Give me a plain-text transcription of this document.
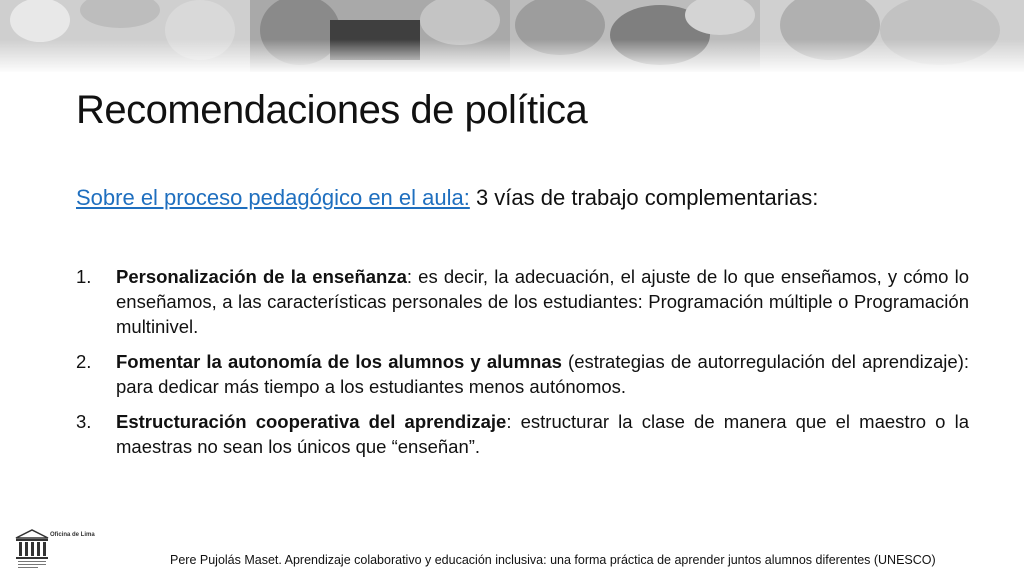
Recomendaciones de política
Sobre el proceso pedagógico en el aula: 3 vías de trabajo complementarias:
1. Personalización de la enseñanza: es decir, la adecuación, el ajuste de lo que enseñamos, y cómo lo enseñamos, a las características personales de los estudiantes: Programación múltiple o Programación multinivel.
2. Fomentar la autonomía de los alumnos y alumnas (estrategias de autorregulación del aprendizaje): para dedicar más tiempo a los estudiantes menos autónomos.
3. Estructuración cooperativa del aprendizaje: estructurar la clase de manera que el maestro o la maestras no sean los únicos que “enseñan”.
Oficina de Lima
Pere Pujolás Maset. Aprendizaje colaborativo y educación inclusiva: una forma práctica de aprender juntos alumnos diferentes (UNESCO)
